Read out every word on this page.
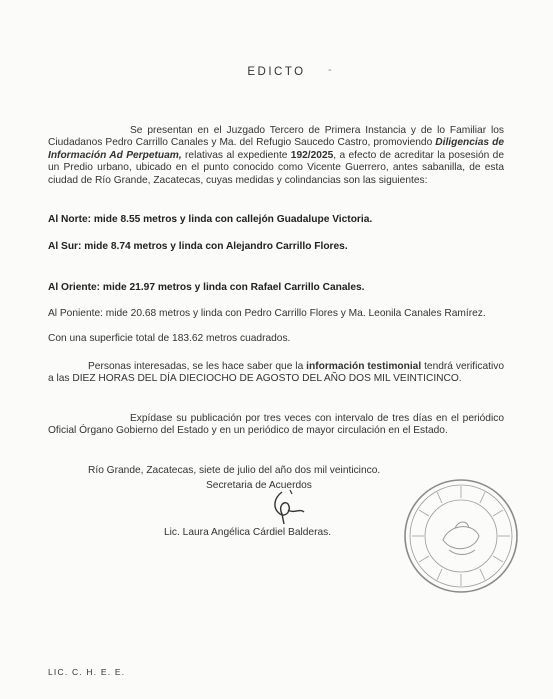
EDICTO	-
Se presentan en el Juzgado Tercero de Primera Instancia y de lo Familiar los Ciudadanos Pedro Carrillo Canales y Ma. del Refugio Saucedo Castro, promoviendo Diligencias de Información Ad Perpetuam, relativas al expediente 192/2025, a efecto de acreditar la posesión de un Predio urbano, ubicado en el punto conocido como Vicente Guerrero, antes sabanilla, de esta ciudad de Río Grande, Zacatecas, cuyas medidas y colindancias son las siguientes:
Al Norte: mide 8.55 metros y linda con callejón Guadalupe Victoria.
Al Sur: mide 8.74 metros y linda con Alejandro Carrillo Flores.
Al Oriente: mide 21.97 metros y linda con Rafael Carrillo Canales.
Al Poniente: mide 20.68 metros y linda con Pedro Carrillo Flores y Ma. Leonila Canales Ramírez.
Con una superficie total de 183.62 metros cuadrados.
Personas interesadas, se les hace saber que la información testimonial tendrá verificativo a las DIEZ HORAS DEL DÍA DIECIOCHO DE AGOSTO DEL AÑO DOS MIL VEINTICINCO.
Expídase su publicación por tres veces con intervalo de tres días en el periódico Oficial Órgano Gobierno del Estado y en un periódico de mayor circulación en el Estado.
Río Grande, Zacatecas, siete de julio del año dos mil veinticinco.
Secretaria de Acuerdos
Lic. Laura Angélica Cárdiel Balderas.
LIC. C. H. E. E.
